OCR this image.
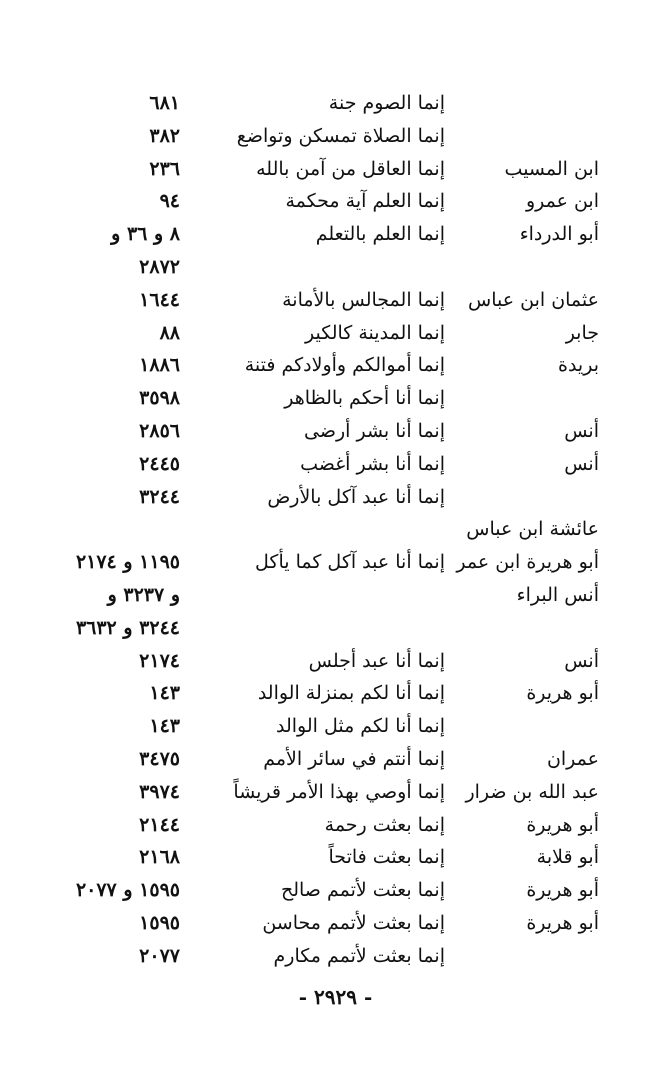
إنما الصوم جنة
٦٨١
إنما الصلاة تمسكن وتواضع
٣٨٢
ابن المسيب
إنما العاقل من آمن بالله
٢٣٦
ابن عمرو
إنما العلم آية محكمة
٩٤
أبو الدرداء
إنما العلم بالتعلم
٨ و ٣٦ و
٢٨٧٢
عثمان ابن عباس
إنما المجالس بالأمانة
١٦٤٤
جابر
إنما المدينة كالكير
٨٨
بريدة
إنما أموالكم وأولادكم فتنة
١٨٨٦
إنما أنا أحكم بالظاهر
٣٥٩٨
أنس
إنما أنا بشر أرضى
٢٨٥٦
أنس
إنما أنا بشر أغضب
٢٤٤٥
إنما أنا عبد آكل بالأرض
٣٢٤٤
عائشة ابن عباس
أبو هريرة ابن عمر
إنما أنا عبد آكل كما يأكل
١١٩٥ و ٢١٧٤
أنس البراء
و ٣٢٣٧ و
٣٢٤٤ و ٣٦٣٢
أنس
إنما أنا عبد أجلس
٢١٧٤
أبو هريرة
إنما أنا لكم بمنزلة الوالد
١٤٣
إنما أنا لكم مثل الوالد
١٤٣
عمران
إنما أنتم في سائر الأمم
٣٤٧٥
عبد الله بن ضرار
إنما أوصي بهذا الأمر قريشاً
٣٩٧٤
أبو هريرة
إنما بعثت رحمة
٢١٤٤
أبو قلابة
إنما بعثت فاتحاً
٢١٦٨
أبو هريرة
إنما بعثت لأتمم صالح
١٥٩٥ و ٢٠٧٧
أبو هريرة
إنما بعثت لأتمم محاسن
١٥٩٥
إنما بعثت لأتمم مكارم
٢٠٧٧
- ٢٩٢٩ -
